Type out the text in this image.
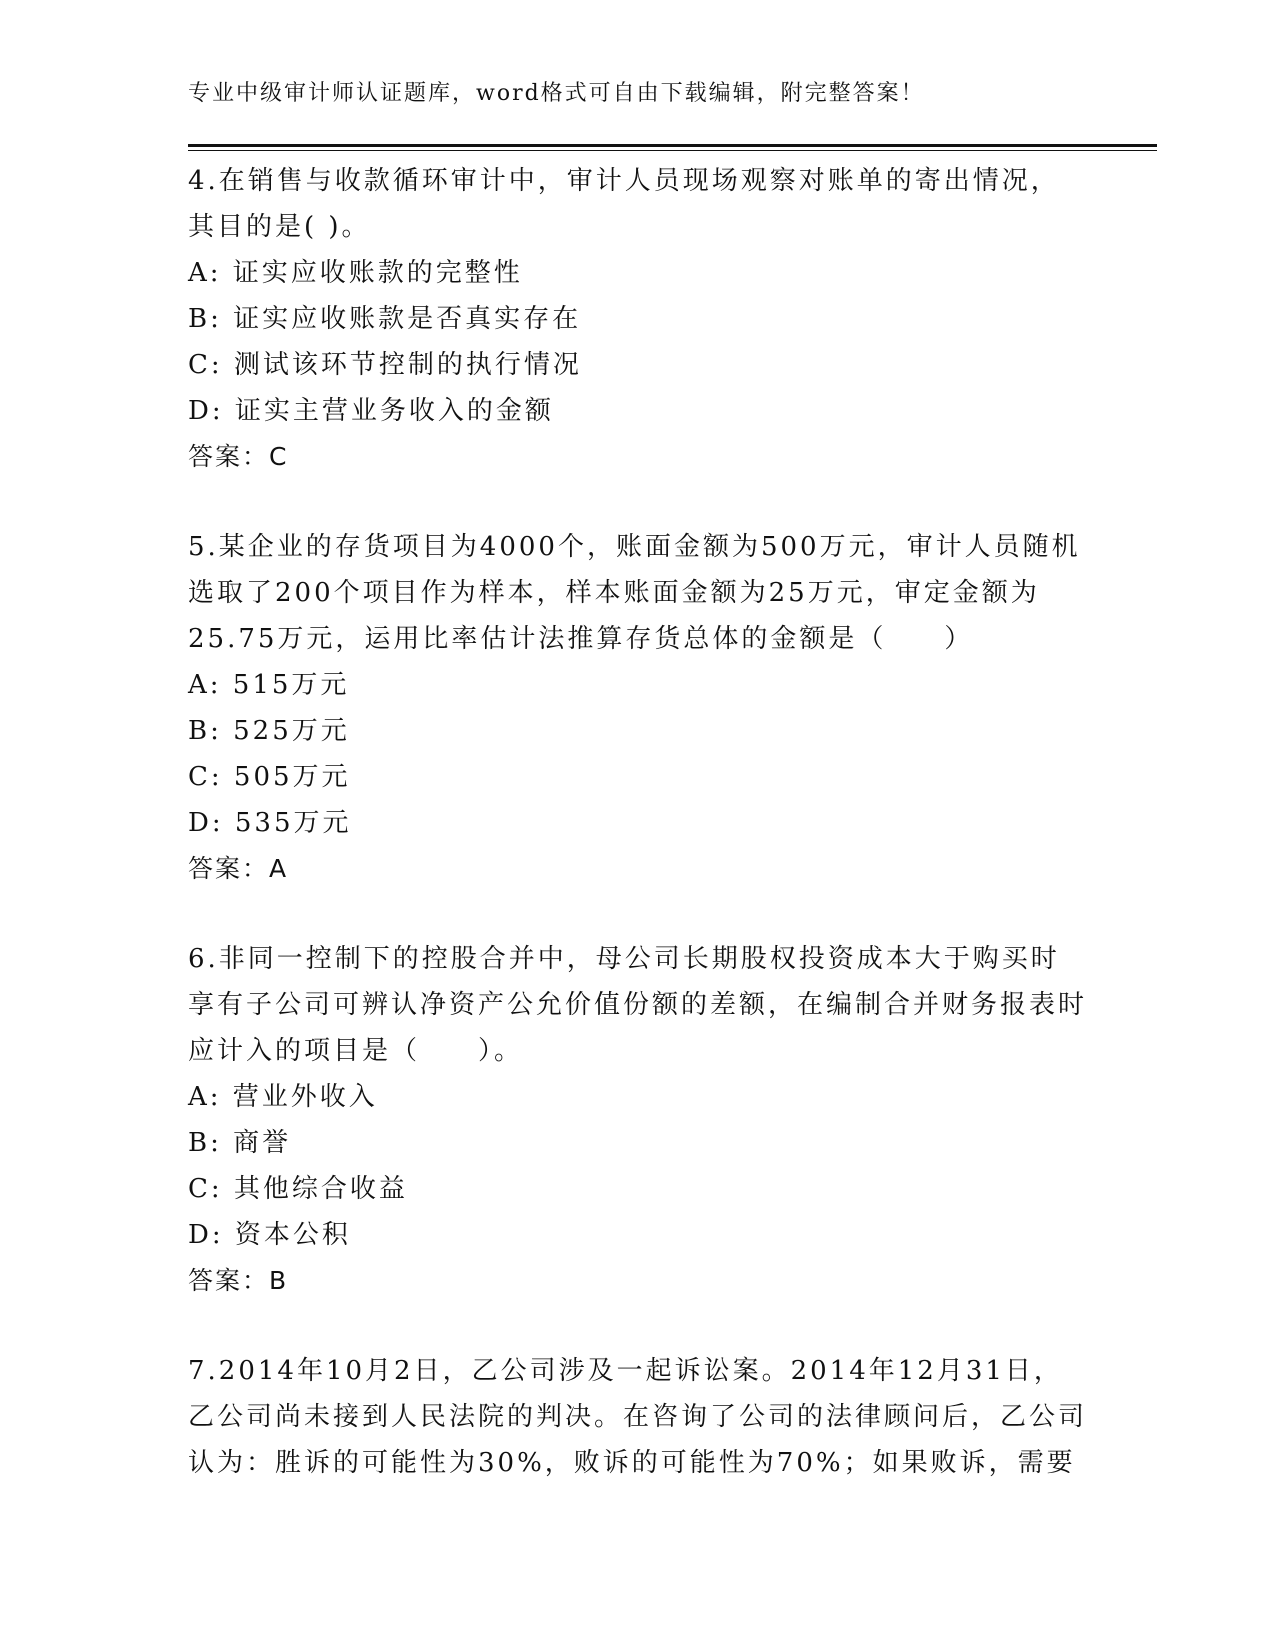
专业中级审计师认证题库，word格式可自由下载编辑，附完整答案！

4.在销售与收款循环审计中，审计人员现场观察对账单的寄出情况，其目的是( )。

A: 证实应收账款的完整性

B: 证实应收账款是否真实存在

C: 测试该环节控制的执行情况

D: 证实主营业务收入的金额

答案：C

5.某企业的存货项目为4000个，账面金额为500万元，审计人员随机选取了200个项目作为样本，样本账面金额为25万元，审定金额为25.75万元，运用比率估计法推算存货总体的金额是（　　）

A: 515万元

B: 525万元

C: 505万元

D: 535万元

答案：A

6.非同一控制下的控股合并中，母公司长期股权投资成本大于购买时享有子公司可辨认净资产公允价值份额的差额，在编制合并财务报表时应计入的项目是（　　）。

A: 营业外收入

B: 商誉

C: 其他综合收益

D: 资本公积

答案：B

7.2014年10月2日，乙公司涉及一起诉讼案。2014年12月31日，乙公司尚未接到人民法院的判决。在咨询了公司的法律顾问后，乙公司认为：胜诉的可能性为30%，败诉的可能性为70%；如果败诉，需要
